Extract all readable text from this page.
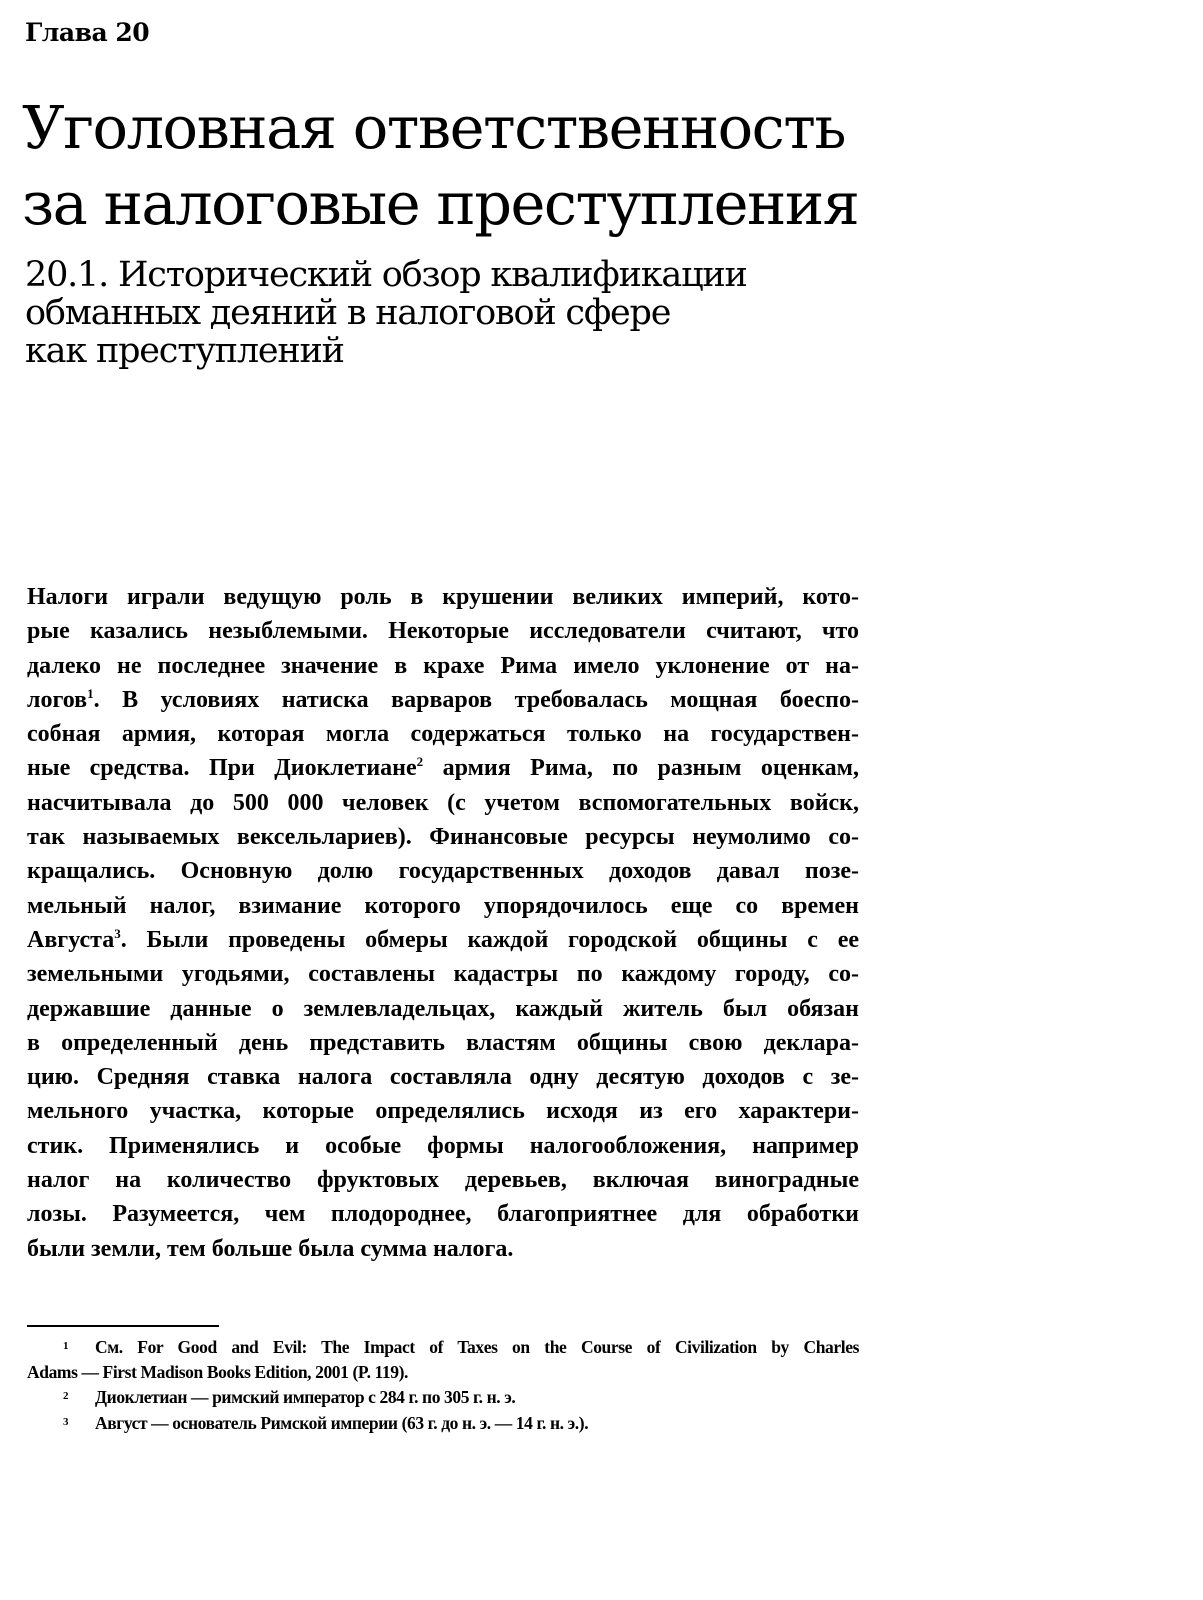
Глава 20
Уголовная ответственность
за налоговые преступления
20.1. Исторический обзор квалификации
обманных деяний в налоговой сфере
как преступлений
Налоги играли ведущую роль в крушении великих империй, кото-
рые казались незыблемыми. Некоторые исследователи считают, что
далеко не последнее значение в крахе Рима имело уклонение от на-
логов$^1$. В условиях натиска варваров требовалась мощная боеспо-
собная армия, которая могла содержаться только на государствен-
ные средства. При Диоклетиане$^2$ армия Рима, по разным оценкам,
насчитывала до 500 000 человек (с учетом вспомогательных войск,
так называемых вексельлариев). Финансовые ресурсы неумолимо со-
кращались. Основную долю государственных доходов давал позе-
мельный налог, взимание которого упорядочилось еще со времен
Августа$^3$. Были проведены обмеры каждой городской общины с ее
земельными угодьями, составлены кадастры по каждому городу, со-
державшие данные о землевладельцах, каждый житель был обязан
в определенный день представить властям общины свою деклара-
цию. Средняя ставка налога составляла одну десятую доходов с зе-
мельного участка, которые определялись исходя из его характери-
стик. Применялись и особые формы налогообложения, например
налог на количество фруктовых деревьев, включая виноградные
лозы. Разумеется, чем плодороднее, благоприятнее для обработки
были земли, тем больше была сумма налога.
1 См. For Good and Evil: The Impact of Taxes on the Course of Civilization by Charles
Adams — First Madison Books Edition, 2001 (P. 119).
2 Диоклетиан — римский император с 284 г. по 305 г. н. э.
3 Август — основатель Римской империи (63 г. до н. э. — 14 г. н. э.).
